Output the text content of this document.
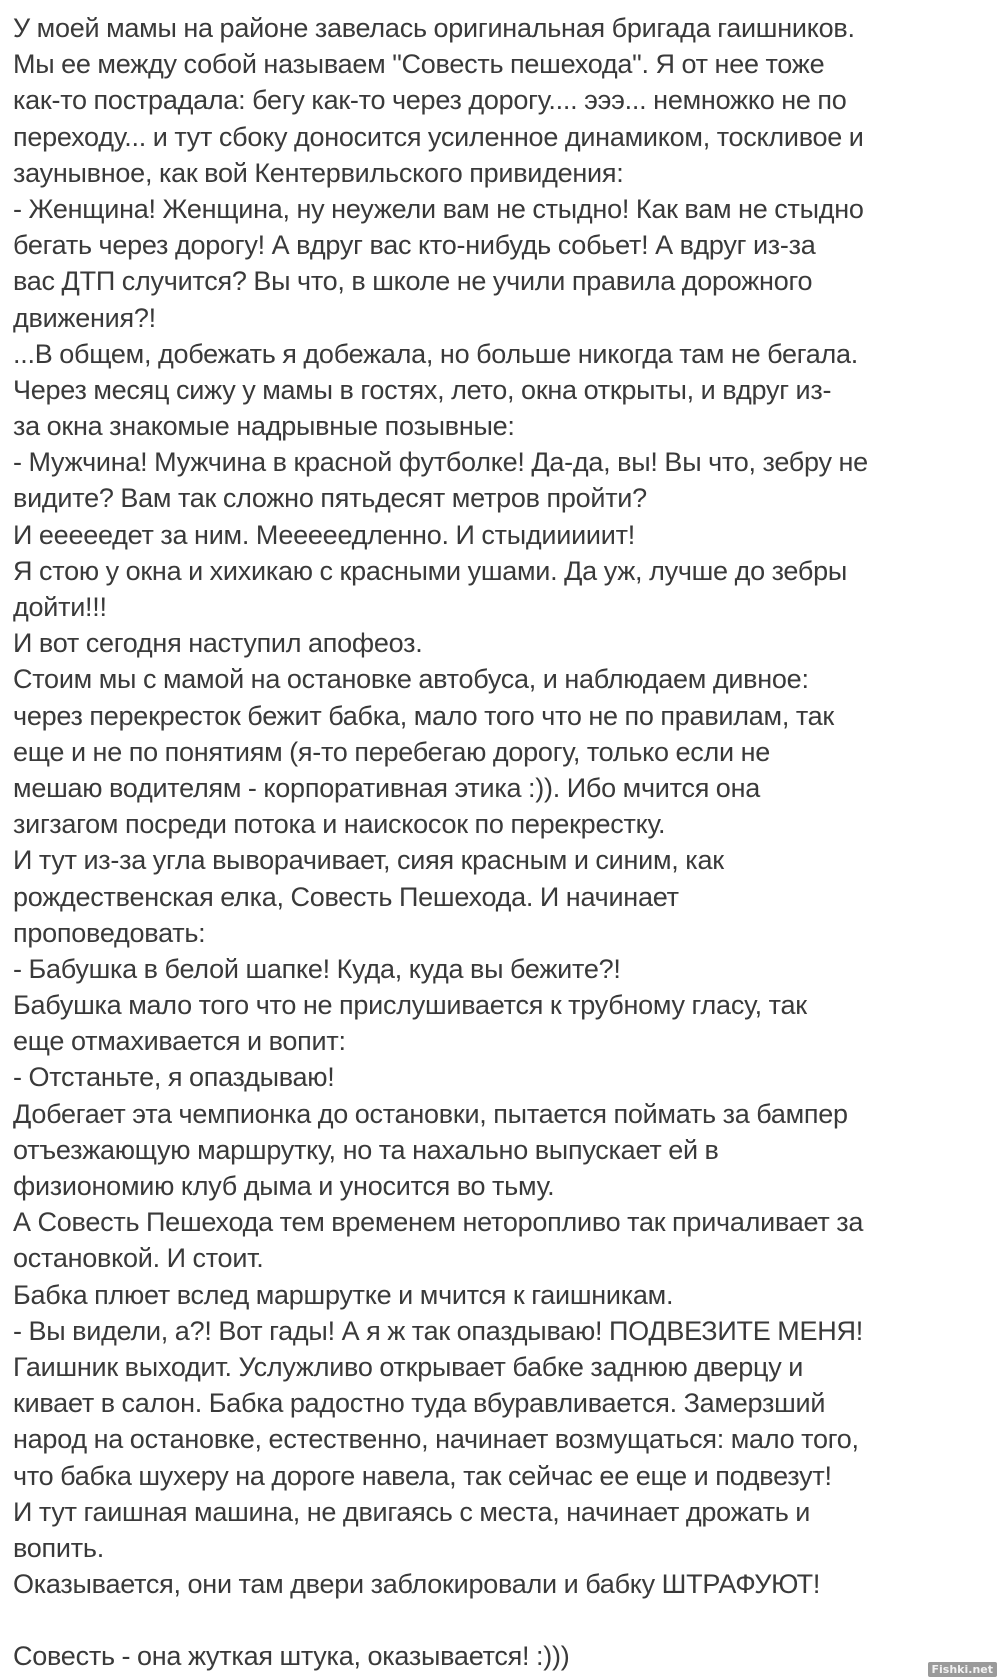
У моей мамы на районе завелась оригинальная бригада гаишников.
Мы ее между собой называем "Совесть пешехода". Я от нее тоже
как-то пострадала: бегу как-то через дорогу.... эээ... немножко не по
переходу... и тут сбоку доносится усиленное динамиком, тоскливое и
заунывное, как вой Кентервильского привидения:
- Женщина! Женщина, ну неужели вам не стыдно! Как вам не стыдно
бегать через дорогу! А вдруг вас кто-нибудь собьет! А вдруг из-за
вас ДТП случится? Вы что, в школе не учили правила дорожного
движения?!
...В общем, добежать я добежала, но больше никогда там не бегала.
Через месяц сижу у мамы в гостях, лето, окна открыты, и вдруг из-
за окна знакомые надрывные позывные:
- Мужчина! Мужчина в красной футболке! Да-да, вы! Вы что, зебру не
видите? Вам так сложно пятьдесят метров пройти?
И ееееедет за ним. Мееееедленно. И стыдииииит!
Я стою у окна и хихикаю с красными ушами. Да уж, лучше до зебры
дойти!!!
И вот сегодня наступил апофеоз.
Стоим мы с мамой на остановке автобуса, и наблюдаем дивное:
через перекресток бежит бабка, мало того что не по правилам, так
еще и не по понятиям (я-то перебегаю дорогу, только если не
мешаю водителям - корпоративная этика :)). Ибо мчится она
зигзагом посреди потока и наискосок по перекрестку.
И тут из-за угла выворачивает, сияя красным и синим, как
рождественская елка, Совесть Пешехода. И начинает
проповедовать:
- Бабушка в белой шапке! Куда, куда вы бежите?!
Бабушка мало того что не прислушивается к трубному гласу, так
еще отмахивается и вопит:
- Отстаньте, я опаздываю!
Добегает эта чемпионка до остановки, пытается поймать за бампер
отъезжающую маршрутку, но та нахально выпускает ей в
физиономию клуб дыма и уносится во тьму.
А Совесть Пешехода тем временем неторопливо так причаливает за
остановкой. И стоит.
Бабка плюет вслед маршрутке и мчится к гаишникам.
- Вы видели, а?! Вот гады! А я ж так опаздываю! ПОДВЕЗИТЕ МЕНЯ!
Гаишник выходит. Услужливо открывает бабке заднюю дверцу и
кивает в салон. Бабка радостно туда вбуравливается. Замерзший
народ на остановке, естественно, начинает возмущаться: мало того,
что бабка шухеру на дороге навела, так сейчас ее еще и подвезут!
И тут гаишная машина, не двигаясь с места, начинает дрожать и
вопить.
Оказывается, они там двери заблокировали и бабку ШТРАФУЮТ!
Совесть - она жуткая штука, оказывается! :)))	Fishki.net
